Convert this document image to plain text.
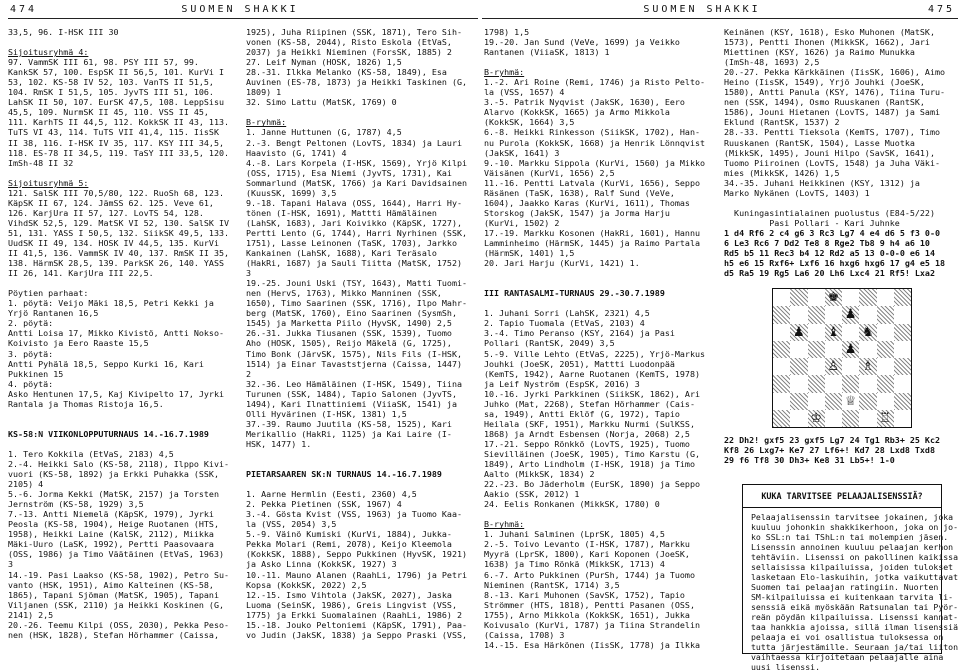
474	SUOMEN SHAKKI
33,5, 96. I-HSK III 30

Sijoitusryhmä 4:
97. VammSK III 61, 98. PSY III 57, 99.
KankSK 57, 100. EspSK II 56,5, 101. KurVi I
53, 102. KS-58 IV 52, 103. VanTS II 51,5,
104. RmSK I 51,5, 105. JyvTS III 51, 106.
LahSK II 50, 107. EurSK 47,5, 108. LeppSisu
45,5, 109. NurmSK II 45, 110. VSS II 45,
111. KarhTS II 44,5, 112. KokkSK II 43, 113.
TuTS VI 43, 114. TuTS VII 41,4, 115. IisSK
II 38, 116. I-HSK IV 35, 117. KSY III 34,5,
118. ES-78 II 34,5, 119. TaSY III 33,5, 120.
ImSh-48 II 32

Sijoitusryhmä 5:
121. SalSK III 70,5/80, 122. RuoSh 68, 123.
KäpSK II 67, 124. JämSS 62. 125. Veve 61,
126. KarjUra II 57, 127. LovTS 54, 128.
VihdSK 52,5, 129. MatSK VI 52, 130. SalSK IV
51, 131. YASS I 50,5, 132. SiikSK 49,5, 133.
UudSK II 49, 134. HOSK IV 44,5, 135. KurVi
II 41,5, 136. VammSK IV 40, 137. RmSK II 35,
138. HärmSK 28,5, 139. ParkSK 26, 140. YASS
II 26, 141. KarjUra III 22,5.

Pöytien parhaat:
1. pöytä: Veijo Mäki 18,5, Petri Kekki ja
Yrjö Rantanen 16,5
2. pöytä:
Antti Loisa 17, Mikko Kivistö, Antti Nokso-
Koivisto ja Eero Raaste 15,5
3. pöytä:
Antti Pyhälä 18,5, Seppo Kurki 16, Kari
Pukkinen 15
4. pöytä:
Asko Hentunen 17,5, Kaj Kivipelto 17, Jyrki
Rantala ja Thomas Ristoja 16,5.

KS-58:N VIIKONLOPPUTURNAUS 14.-16.7.1989

1. Tero Kokkila (EtVaS, 2183) 4,5
2.-4. Heikki Salo (KS-58, 2118), Ilppo Kivi-
vuori (KS-58, 1892) ja Erkki Puhakka (SSK,
2105) 4
5.-6. Jorma Kekki (MatSK, 2157) ja Torsten
Jernström (KS-58, 1929) 3,5
7.-13. Antti Niemelä (KäpSK, 1979), Jyrki
Peosla (KS-58, 1904), Heige Ruotanen (HTS,
1958), Heikki Laine (KalSK, 2112), Miikka
Mäki-Uuro (LaSK, 1992), Pertti Paasovaara
(OSS, 1986) ja Timo Väätäinen (EtVaS, 1963)
3
14.-19. Pasi Laakso (KS-58, 1902), Petro Su-
vanto (HSK, 1951), Aimo Kalteinen (KS-58,
1865), Tapani Sjöman (MatSK, 1905), Tapani
Viljanen (SSK, 2110) ja Heikki Koskinen (G,
2141) 2,5
20.-26. Teemu Kilpi (OSS, 2030), Pekka Peso-
nen (HSK, 1828), Stefan Hörhammer (Caissa,
1925), Juha Riipinen (SSK, 1871), Tero Sih-
vonen (KS-58, 2044), Risto Eskola (EtVaS,
2037) ja Heikki Nieminen (ForsSK, 1885) 2
27. Leif Nyman (HOSK, 1826) 1,5
28.-31. Ilkka Melanko (KS-58, 1849), Esa
Auvinen (ES-78, 1873) ja Heikki Taskinen (G,
1809) 1
32. Simo Lattu (MatSK, 1769) 0

B-ryhmä:
1. Janne Huttunen (G, 1787) 4,5
2.-3. Bengt Peltonen (LovTS, 1834) ja Lauri
Haavisto (G, 1741) 4
4.-8. Lars Korpela (I-HSK, 1569), Yrjö Kilpi
(OSS, 1715), Esa Niemi (JyvTS, 1731), Kai
Sommarlund (MatSK, 1766) ja Kari Davidsainen
(KuusSK, 1699) 3,5
9.-18. Tapani Halava (OSS, 1644), Harri Hy-
tönen (I-HSK, 1691), Mattti Hämäläinen
(LahSK, 1683), Jari Koivikko (KäpSK, 1727),
Pertti Lento (G, 1744), Harri Nyrhinen (SSK,
1751), Lasse Leinonen (TaSK, 1703), Jarkko
Kankainen (LahSK, 1688), Kari Teräsalo
(HakRi, 1687) ja Sauli Tiitta (MatSK, 1752)
3
19.-25. Jouni Uski (TSY, 1643), Matti Tuomi-
nen (HervS, 1763), Mikko Manninen (SSK,
1650), Timo Saarinen (SSK, 1716), Ilpo Mahr-
berg (MatSK, 1760), Eino Saarinen (SysmSh,
1545) ja Marketta Piilo (HyvSK, 1490) 2,5
26.-31. Jukka Tiusanen (SSK, 1539), Tuomo
Aho (HOSK, 1505), Reijo Mäkelä (G, 1725),
Timo Bonk (JärvSK, 1575), Nils Fils (I-HSK,
1514) ja Einar Tavaststjerna (Caissa, 1447)
2
32.-36. Leo Hämäläinen (I-HSK, 1549), Tiina
Turunen (SSK, 1484), Tapio Salonen (JyvTS,
1494), Kari Ilnattiniemi (ViiaSK, 1541) ja
Olli Hyvärinen (I-HSK, 1381) 1,5
37.-39. Raumo Juutila (KS-58, 1525), Kari
Merikallio (HakRi, 1125) ja Kai Laire (I-
HSK, 1477) 1.

PIETARSAAREN SK:N TURNAUS 14.-16.7.1989

1. Aarne Hermlin (Eesti, 2360) 4,5
2. Pekka Pietinen (SSK, 1967) 4
3.-4. Gösta Kvist (VSS, 1963) ja Tuomo Kaa-
la (VSS, 2054) 3,5
5.-9. Väinö Kumiski (KurVi, 1884), Jukka-
Pekka Molari (Remi, 2078), Keijo Kleemola
(KokkSK, 1888), Seppo Pukkinen (HyvSK, 1921)
ja Asko Linna (KokkSK, 1927) 3
10.-11. Mauno Alanen (RaahLi, 1796) ja Petri
Kopsa (KokkSK, 2022) 2,5
12.-15. Ismo Vihtola (JakSK, 2027), Jaska
Luoma (SeinSK, 1986), Greis Lingvist (VSS,
1775) ja Erkki Suomalainen (RaahLi, 1986) 2
15.-18. Jouko Peltoniemi (KäpSK, 1791), Paa-
vo Judin (JakSK, 1838) ja Seppo Praski (VSS,
SUOMEN SHAKKI	475
1798) 1,5
19.-20. Jan Sund (VeVe, 1699) ja Veikko
Rantanen (ViiaSK, 1813) 1

B-ryhmä:
1.-2. Ari Roine (Remi, 1746) ja Risto Pelto-
la (VSS, 1657) 4
3.-5. Patrik Nyqvist (JakSK, 1630), Eero
Alarvo (KokkSK, 1665) ja Armo Mikkola
(KokkSK, 1664) 3,5
6.-8. Heikki Rinkesson (SiikSK, 1702), Han-
nu Purola (KokkSK, 1668) ja Henrik Lönnqvist
(JakSK, 1641) 3
9.-10. Markku Sippola (KurVi, 1560) ja Mikko
Väisänen (KurVi, 1656) 2,5
11.-16. Pentti Latvala (KurVi, 1656), Seppo
Räsänen (TaSK, 1638), Ralf Sund (VeVe,
1604), Jaakko Karas (KurVi, 1611), Thomas
Storskog (JakSK, 1547) ja Jorma Harju
(KurVi, 1502) 2
17.-19. Markku Kosonen (HakRi, 1601), Hannu
Lamminheimo (HärmSK, 1445) ja Raimo Partala
(HärmSK, 1401) 1,5
20. Jari Harju (KurVi, 1421) 1.

III RANTASALMI-TURNAUS 29.-30.7.1989

1. Juhani Sorri (LahSK, 2321) 4,5
2. Tapio Tuomala (EtVaS, 2103) 4
3.-4. Timo Peranso (KSY, 2164) ja Pasi
Pollari (RantSK, 2049) 3,5
5.-9. Ville Lehto (EtVaS, 2225), Yrjö-Markus
Jouhki (JoeSK, 2051), Mattti Luodonpää
(KemTS, 1942), Aarne Ruotanen (KemTS, 1978)
ja Leif Nyström (EspSK, 2016) 3
10.-16. Jyrki Parkkinen (SiikSK, 1862), Ari
Juhko (Mat, 2268), Stefan Hörhammer (Cais-
sa, 1949), Antti Eklöf (G, 1972), Tapio
Heilala (SKF, 1951), Markku Nurmi (SulKSS,
1868) ja Arndt Esbensen (Norja, 2068) 2,5
17.-21. Seppo Rönkkö (LovTS, 1925), Tuomo
Sievilläinen (JoeSK, 1905), Timo Karstu (G,
1849), Arto Lindholm (I-HSK, 1918) ja Timo
Aalto (MikkSK, 1834) 2
22.-23. Bo Jäderholm (EurSK, 1890) ja Seppo
Aakio (SSK, 2012) 1
24. Eelis Ronkanen (MikkSK, 1780) 0

B-ryhmä:
1. Juhani Salminen (LprSK, 1805) 4,5
2.-5. Toivo Levanto (I-HSK, 1787), Markku
Myyrä (LprSK, 1800), Kari Koponen (JoeSK,
1638) ja Timo Rönkä (MikkSK, 1713) 4
6.-7. Arto Pukkinen (PurSh, 1744) ja Tuomo
Nieminen (RantSK, 1714) 3,5
8.-13. Kari Muhonen (SavSK, 1752), Tapio
Strömmer (HTS, 1818), Pentti Pasanen (OSS,
1755), Arno Mikkola (KokkSK, 1651), Jukka
Koivusalo (KurVi, 1787) ja Tiina Strandelin
(Caissa, 1708) 3
14.-15. Esa Härkönen (IisSK, 1778) ja Ilkka
Keinänen (KSY, 1618), Esko Muhonen (MatSK,
1573), Pentti Ihonen (MikkSK, 1662), Jari
Miettinen (KSY, 1626) ja Raimo Munukka
(ImSh-48, 1693) 2,5
20.-27. Pekka Kärkkäinen (IisSK, 1606), Aimo
Heino (IisSK, 1549), Yrjö Jouhki (JoeSK,
1580), Antti Panula (KSY, 1476), Tiina Turu-
nen (SSK, 1494), Osmo Ruuskanen (RantSK,
1586), Jouni Hietanen (LovTS, 1487) ja Sami
Eklund (RantSK, 1537) 2
28.-33. Pentti Tieksola (KemTS, 1707), Timo
Ruuskanen (RantSK, 1504), Lasse Muotka
(MikkSK, 1495), Jouni Hilpo (SavSK, 1641),
Tuomo Piiroinen (LovTS, 1548) ja Juha Väki-
mies (MikkSK, 1426) 1,5
34.-35. Juhani Heikkinen (KSY, 1312) ja
Marko Nykänen (LovTS, 1403) 1

Kuningasintialainen puolustus (E84-5/22)
Pasi Pollari - Kari Juhnke
1 d4 Rf6 2 c4 g6 3 Rc3 Lg7 4 e4 d6 5 f3 0-0
6 Le3 Rc6 7 Dd2 Te8 8 Rge2 Tb8 9 h4 a6 10
Rd5 b5 11 Rec3 b4 12 Rd2 a5 13 0-0-0 e6 14
h5 e6 15 Rxf6+ Lxf6 16 hxg6 hxg6 17 g4 e5 18
d5 Ra5 19 Rg5 La6 20 Lh6 Lxc4 21 Rf5! Lxa2
♚
♟
♟ ♝ ♞
♟
♙ ♗
♕
♔	♖
22 Dh2! gxf5 23 gxf5 Lg7 24 Tg1 Rb3+ 25 Kc2
Kf8 26 Lxg7+ Ke7 27 Lf6+! Kd7 28 Lxd8 Txd8
29 f6 Tf8 30 Dh3+ Ke8 31 Lb5+! 1-0
KUKA TARVITSEE PELAAJALISENSSIÄ?
Pelaajalisenssin tarvitsee jokainen, joka
kuuluu johonkin shakkikerhoon, joka on jo-
ko SSL:n tai TShL:n tai molempien jäsen.
Lisenssin annoinen kuuluu pelaajan kerhon
tehtäviin. Lisenssi on pakollinen kaikissa
sellaisissa kilpailuissa, joiden tulokset
lasketaan Elo-laskuihin, jotka vaikuttavat
Suomen tai pelaajan ratingiin. Nuorten
SM-kilpailuissa ei kuitenkaan tarvita li-
senssiä eikä myöskään Ratsunalan tai Pyör-
reän pöydän kilpailuissa. Lisenssi kannat-
taa hankkia ajoissa, sillä ilman lisenssiä
pelaaja ei voi osallistua tuloksessa on
tutta järjestämille. Seuraan ja/tai liiton
vaihtaessa kirjoitetaan pelaajalle aina
uusi lisenssi.
